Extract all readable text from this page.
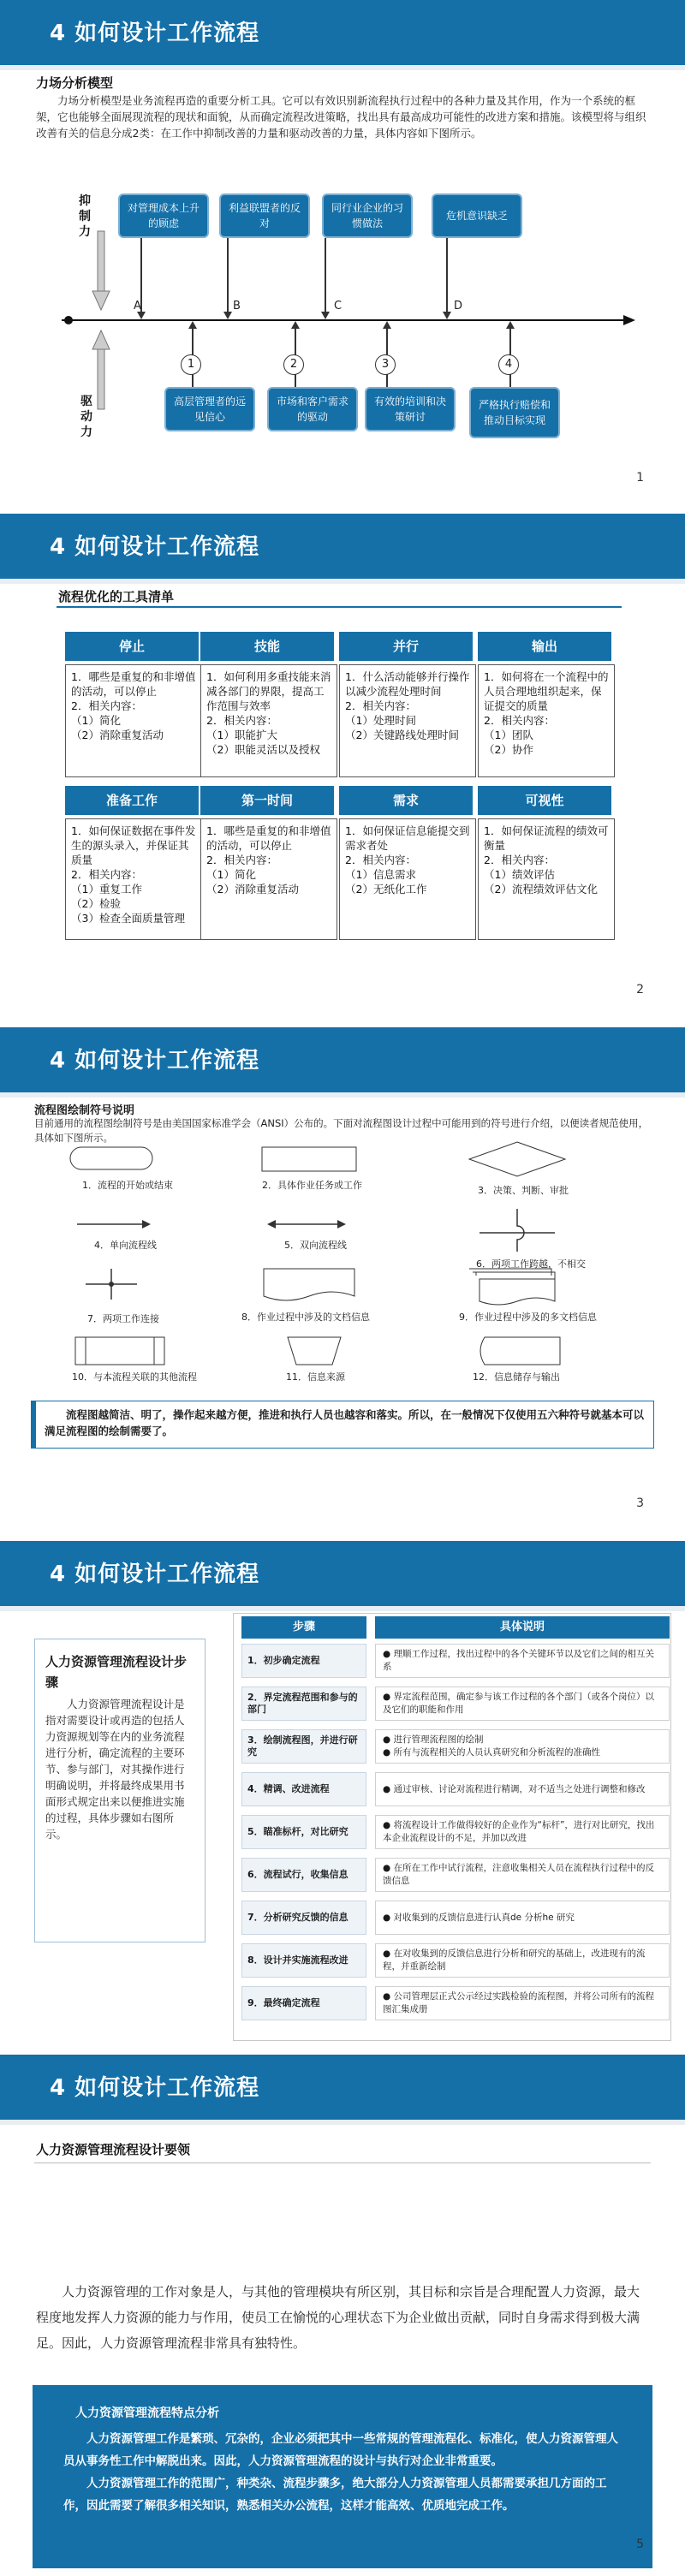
4 如何设计工作流程
力场分析模型
力场分析模型是业务流程再造的重要分析工具。它可以有效识别新流程执行过程中的各种力量及其作用，作为一个系统的框架，它也能够全面展现流程的现状和面貌，从而确定流程改进策略，找出具有最高成功可能性的改进方案和措施。该模型将与组织改善有关的信息分成2类：在工作中抑制改善的力量和驱动改善的力量，具体内容如下图所示。
抑
制
力
驱
动
力
对管理成本上升的顾虑
利益联盟者的反对
同行业企业的习惯做法
危机意识缺乏
A	B	C	D
1	2	3	4
高层管理者的远见信心
市场和客户需求的驱动
有效的培训和决策研讨
严格执行赔偿和推动目标实现
1
4 如何设计工作流程
流程优化的工具清单
停止	技能	并行	输出
1．哪些是重复的和非增值的活动，可以停止
2．相关内容：
（1）简化
（2）消除重复活动
1．如何利用多重技能来消减各部门的界限，提高工作范围与效率
2．相关内容：
（1）职能扩大
（2）职能灵活以及授权
1．什么活动能够并行操作以减少流程处理时间
2．相关内容：
（1）处理时间
（2）关键路线处理时间
1．如何将在一个流程中的人员合理地组织起来，保证提交的质量
2．相关内容：
（1）团队
（2）协作
准备工作	第一时间	需求	可视性
1．如何保证数据在事件发生的源头录入，并保证其质量
2．相关内容：
（1）重复工作
（2）检验
（3）检查全面质量管理
1．哪些是重复的和非增值的活动，可以停止
2．相关内容：
（1）简化
（2）消除重复活动
1．如何保证信息能提交到需求者处
2．相关内容：
（1）信息需求
（2）无纸化工作
1．如何保证流程的绩效可衡量
2．相关内容：
（1）绩效评估
（2）流程绩效评估文化
2
4 如何设计工作流程
流程图绘制符号说明
目前通用的流程图绘制符号是由美国国家标准学会（ANSI）公布的。下面对流程图设计过程中可能用到的符号进行介绍，以便读者规范使用，具体如下图所示。
1．流程的开始或结束	2．具体作业任务或工作	3．决策、判断、审批
4．单向流程线	5．双向流程线
6．两项工作跨越，不相交
7．两项工作连接	8．作业过程中涉及的文档信息	9．作业过程中涉及的多文档信息
10．与本流程关联的其他流程	11．信息来源	12．信息储存与输出
流程图越简洁、明了，操作起来越方便，推进和执行人员也越容和落实。所以，在一般情况下仅使用五六种符号就基本可以满足流程图的绘制需要了。
3
4 如何设计工作流程
人力资源管理流程设计步骤
人力资源管理流程设计是指对需要设计或再造的包括人力资源规划等在内的业务流程进行分析，确定流程的主要环节、参与部门，对其操作进行明确说明，并将最终成果用书面形式规定出来以便推进实施的过程，具体步骤如右图所示。
步骤	具体说明
1．初步确定流程
● 理顺工作过程，找出过程中的各个关键环节以及它们之间的相互关系
2．界定流程范围和参与的部门
● 界定流程范围，确定参与该工作过程的各个部门（或各个岗位）以及它们的职能和作用
3．绘制流程图，并进行研究
● 进行管理流程图的绘制
● 所有与流程相关的人员认真研究和分析流程的准确性
4．精调、改进流程	● 通过审核、讨论对流程进行精调，对不适当之处进行调整和修改
5．瞄准标杆，对比研究
● 将流程设计工作做得较好的企业作为“标杆”，进行对比研究，找出本企业流程设计的不足，并加以改进
6．流程试行，收集信息
● 在所在工作中试行流程，注意收集相关人员在流程执行过程中的反馈信息
7．分析研究反馈的信息	● 对收集到的反馈信息进行认真de 分析he 研究
8．设计并实施流程改进
● 在对收集到的反馈信息进行分析和研究的基础上，改进现有的流程，并重新绘制
9．最终确定流程
● 公司管理层正式公示经过实践检验的流程图，并将公司所有的流程图汇集成册
4 如何设计工作流程
人力资源管理流程设计要领
人力资源管理的工作对象是人，与其他的管理模块有所区别，其目标和宗旨是合理配置人力资源，最大程度地发挥人力资源的能力与作用，使员工在愉悦的心理状态下为企业做出贡献，同时自身需求得到极大满足。因此，人力资源管理流程非常具有独特性。
人力资源管理流程特点分析
人力资源管理工作是繁琐、冗杂的，企业必须把其中一些常规的管理流程化、标准化，使人力资源管理人员从事务性工作中解脱出来。因此，人力资源管理流程的设计与执行对企业非常重要。
人力资源管理工作的范围广，种类杂、流程步骤多，绝大部分人力资源管理人员都需要承担几方面的工作，因此需要了解很多相关知识，熟悉相关办公流程，这样才能高效、优质地完成工作。
5
